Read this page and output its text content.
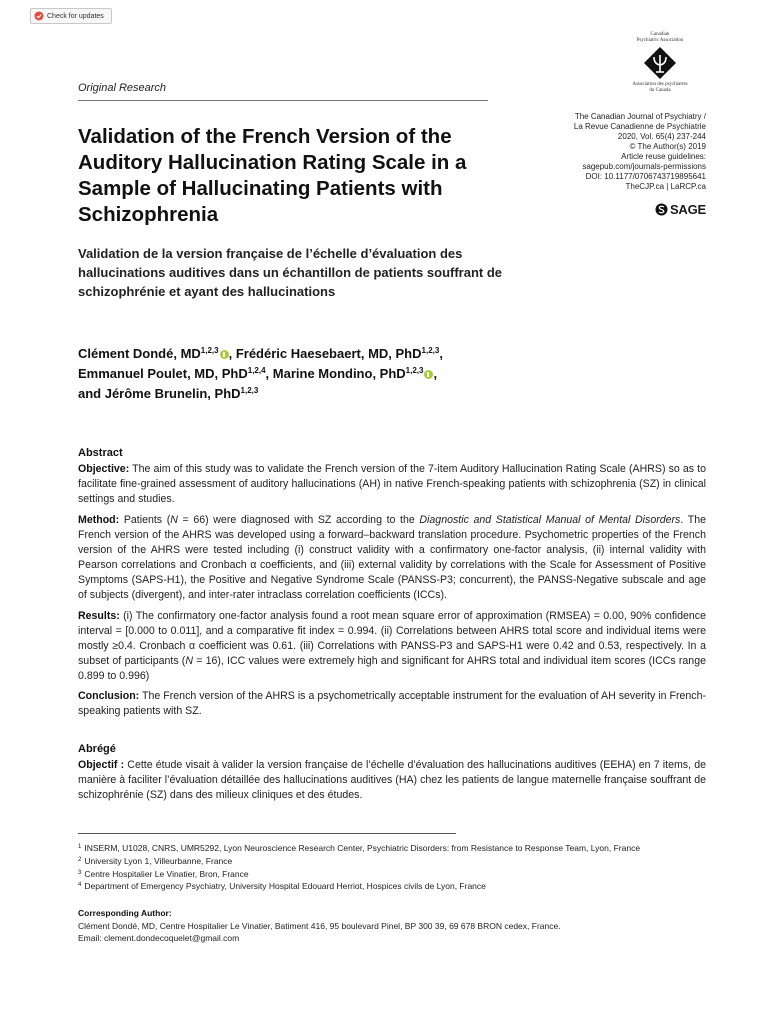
Check for updates
Canadian
Psychiatric Association
Association des psychiatres
du Canada
Original Research
The Canadian Journal of Psychiatry /
La Revue Canadienne de Psychiatrie
2020, Vol. 65(4) 237-244
© The Author(s) 2019
Article reuse guidelines:
sagepub.com/journals-permissions
DOI: 10.1177/0706743719895641
TheCJP.ca | LaRCP.ca
SAGE
Validation of the French Version of the Auditory Hallucination Rating Scale in a Sample of Hallucinating Patients with Schizophrenia
Validation de la version française de l’échelle d’évaluation des hallucinations auditives dans un échantillon de patients souffrant de schizophrénie et ayant des hallucinations
Clément Dondé, MD$^{1,2,3}$ , Frédéric Haesebaert, MD, PhD$^{1,2,3}$,
Emmanuel Poulet, MD, PhD$^{1,2,4}$, Marine Mondino, PhD$^{1,2,3}$ ,
and Jérôme Brunelin, PhD$^{1,2,3}$
Abstract

Objective: The aim of this study was to validate the French version of the 7-item Auditory Hallucination Rating Scale (AHRS) so as to facilitate fine-grained assessment of auditory hallucinations (AH) in native French-speaking patients with schizophrenia (SZ) in clinical settings and studies.

Method: Patients (N = 66) were diagnosed with SZ according to the Diagnostic and Statistical Manual of Mental Disorders. The French version of the AHRS was developed using a forward–backward translation procedure. Psychometric properties of the French version of the AHRS were tested including (i) construct validity with a confirmatory one-factor analysis, (ii) internal validity with Pearson correlations and Cronbach α coefficients, and (iii) external validity by correlations with the Scale for Assessment of Positive Symptoms (SAPS-H1), the Positive and Negative Syndrome Scale (PANSS-P3; concurrent), the PANSS-Negative subscale and age of subjects (divergent), and inter-rater intraclass correlation coefficients (ICCs).

Results: (i) The confirmatory one-factor analysis found a root mean square error of approximation (RMSEA) = 0.00, 90% confidence interval = [0.000 to 0.011], and a comparative fit index = 0.994. (ii) Correlations between AHRS total score and individual items were mostly ≥0.4. Cronbach α coefficient was 0.61. (iii) Correlations with PANSS-P3 and SAPS-H1 were 0.42 and 0.53, respectively. In a subset of participants (N = 16), ICC values were extremely high and significant for AHRS total and individual item scores (ICCs range 0.899 to 0.996)

Conclusion: The French version of the AHRS is a psychometrically acceptable instrument for the evaluation of AH severity in French-speaking patients with SZ.

Abrégé

Objectif : Cette étude visait à valider la version française de l’échelle d’évaluation des hallucinations auditives (EEHA) en 7 items, de manière à faciliter l’évaluation détaillée des hallucinations auditives (HA) chez les patients de langue maternelle française souffrant de schizophrénie (SZ) dans des milieux cliniques et des études.

$^1$ INSERM, U1028, CNRS, UMR5292, Lyon Neuroscience Research Center, Psychiatric Disorders: from Resistance to Response Team, Lyon, France
$^2$ University Lyon 1, Villeurbanne, France
$^3$ Centre Hospitalier Le Vinatier, Bron, France
$^4$ Department of Emergency Psychiatry, University Hospital Edouard Herriot, Hospices civils de Lyon, France
Corresponding Author:
Clément Dondé, MD, Centre Hospitalier Le Vinatier, Batiment 416, 95 boulevard Pinel, BP 300 39, 69 678 BRON cedex, France.
Email: clement.dondecoquelet@gmail.com
